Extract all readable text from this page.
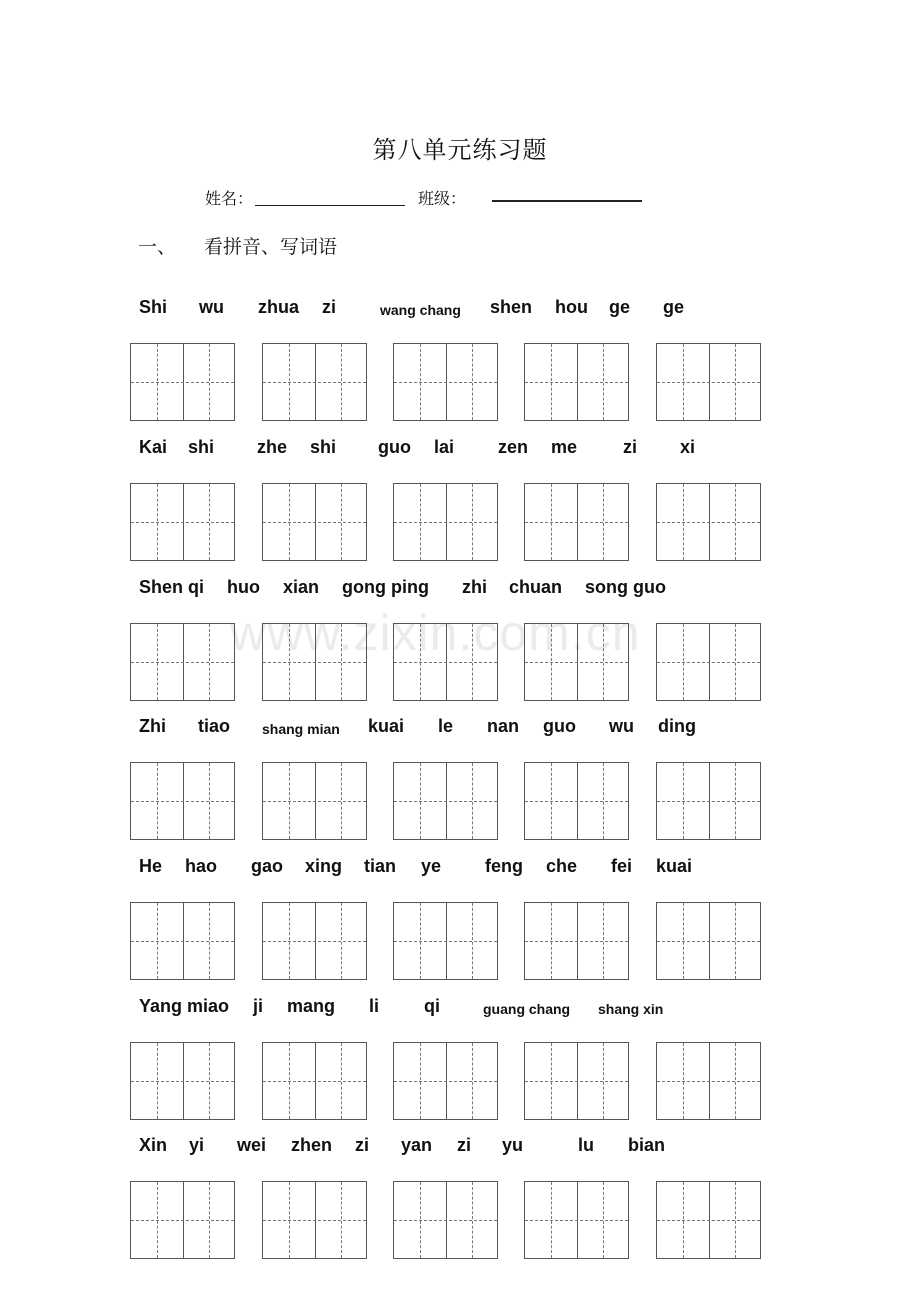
第八单元练习题
姓名：	班级：
一、 看拼音、写词语
www.zixin.com.cn
Shi wu zhua zi	wang chang shen hou ge ge
Kai shi zhe shi guo lai zen me	zi xi
Shen qi huo xian gong ping zhi chuan song guo
Zhi tiao shang mian kuai le nan guo wu ding
He hao gao xing tian ye feng che fei kuai
Yang miao ji mang li qi	guang chang shang xin
Xin yi wei zhen zi yan zi yu	lu bian
